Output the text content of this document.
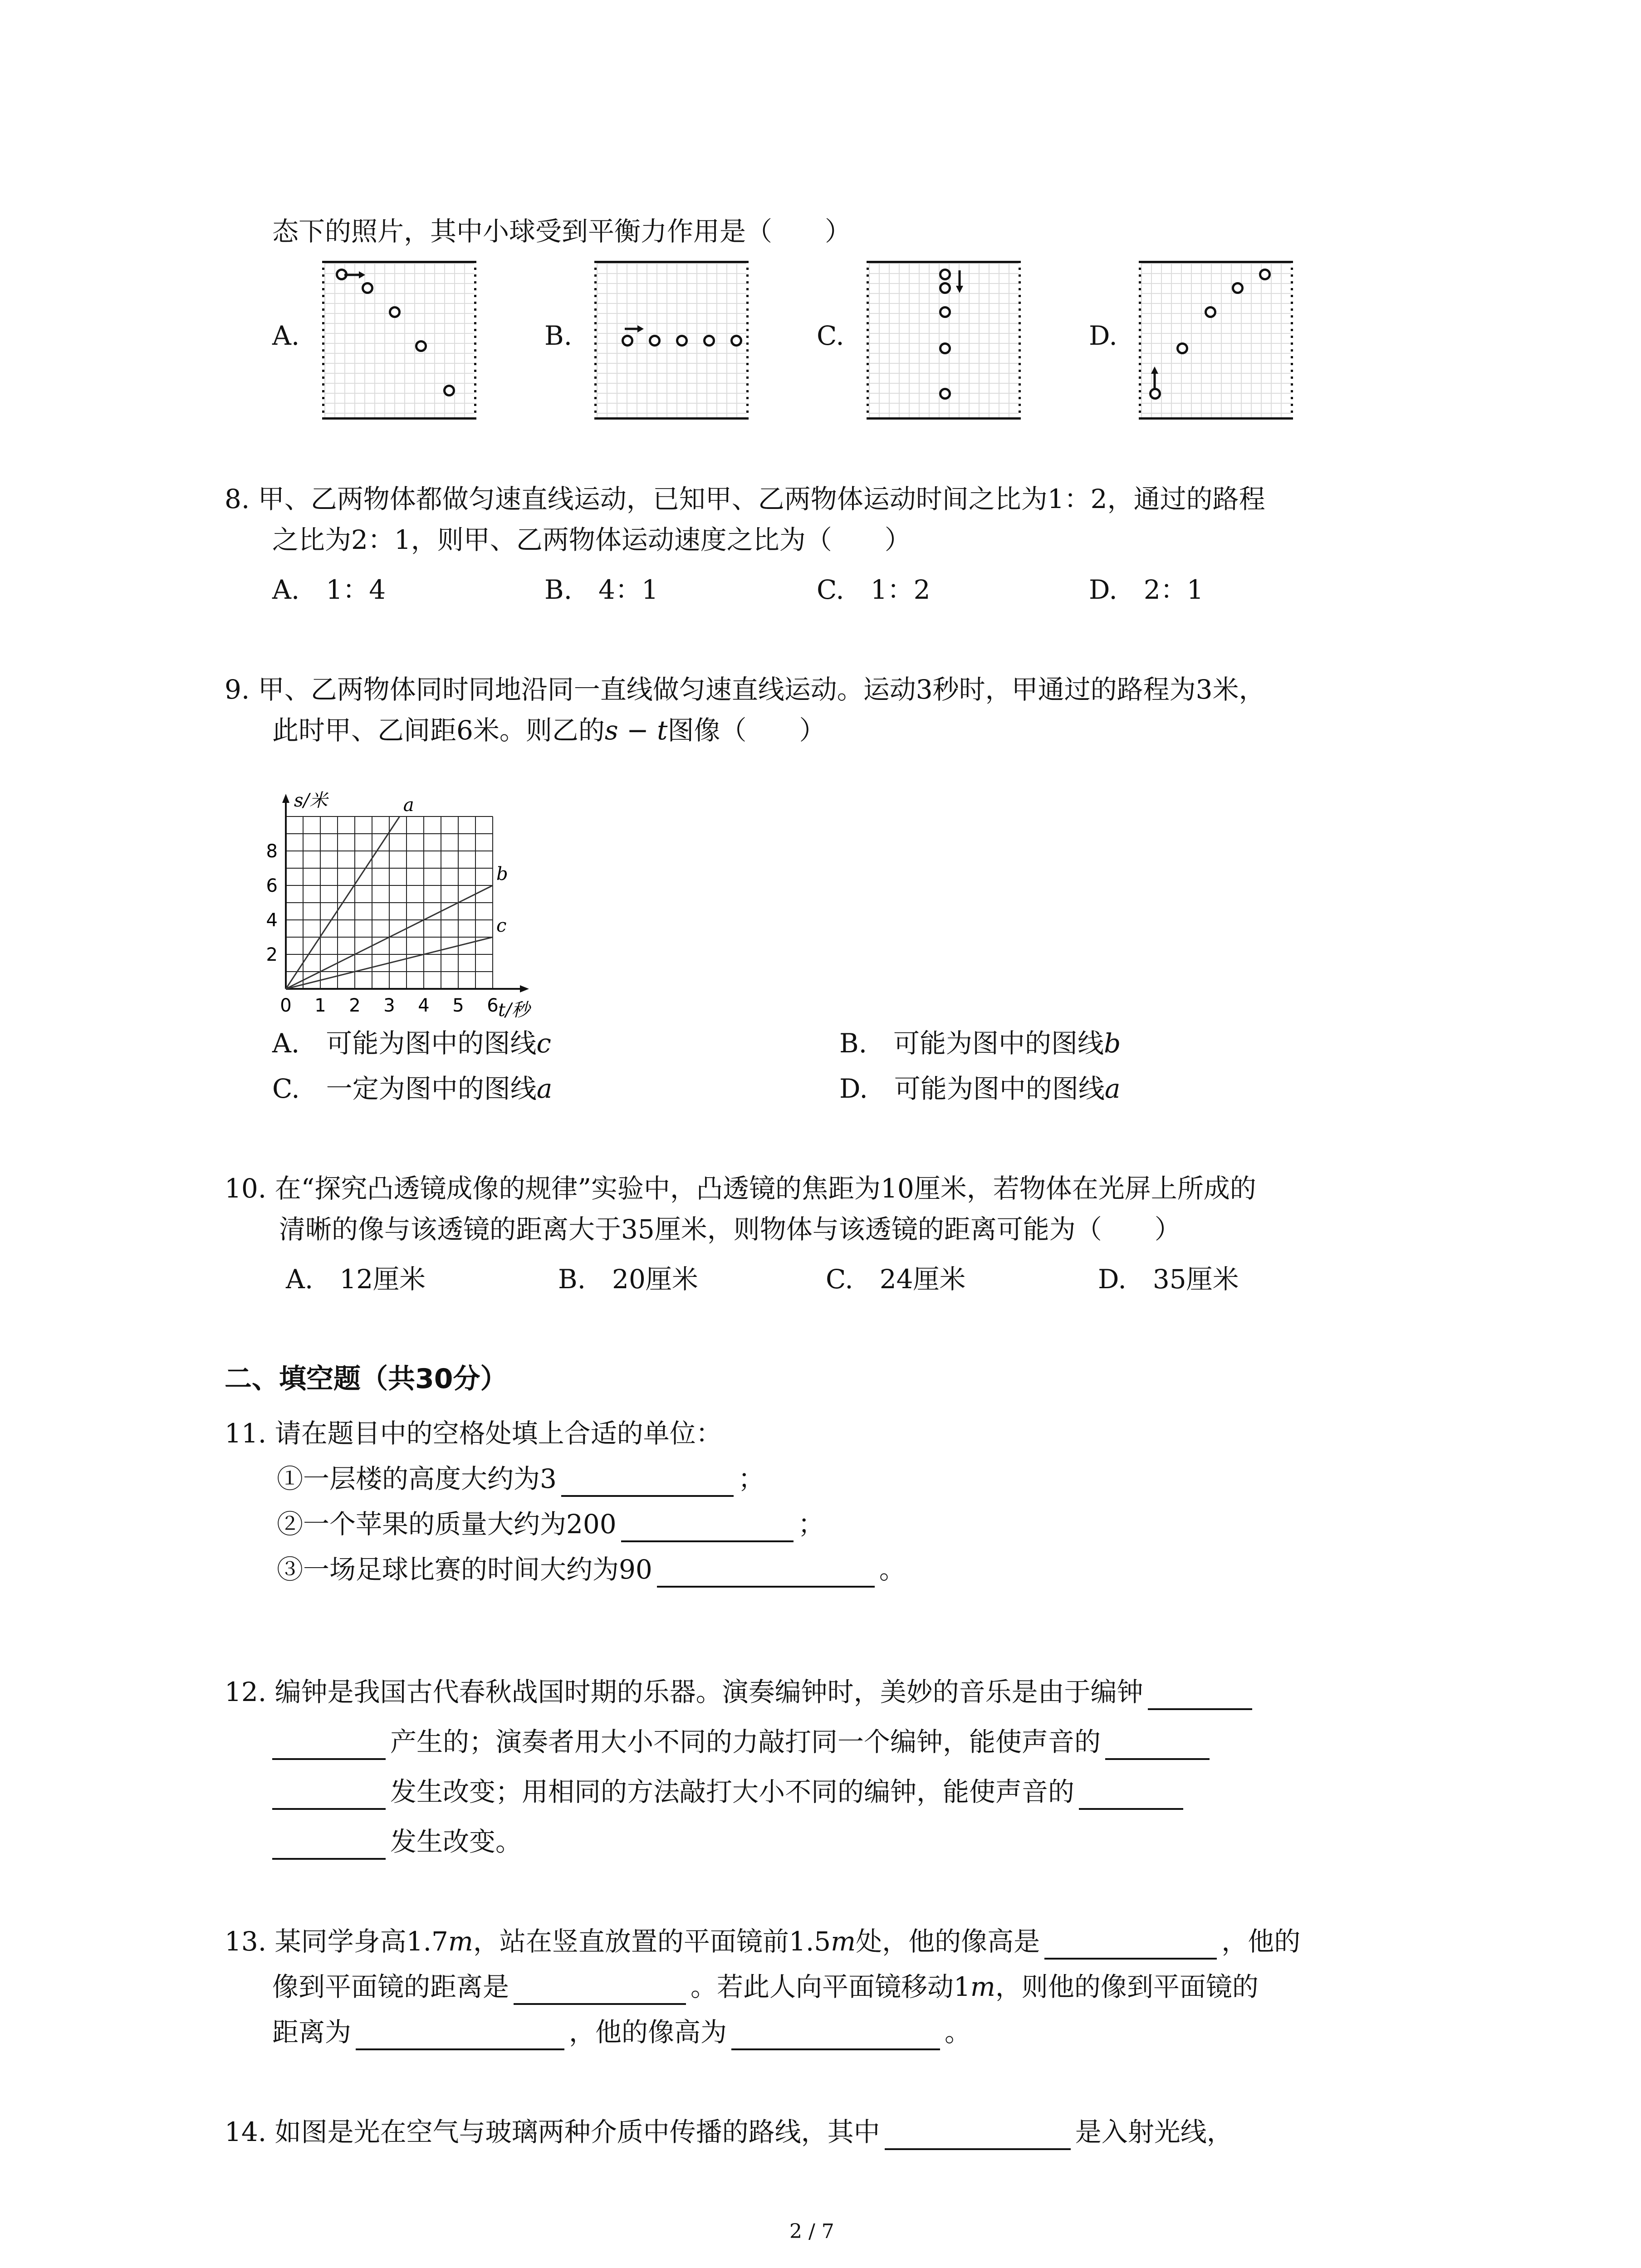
态下的照片，其中小球受到平衡力作用是（　　）
A.	B.	C.	D.
8. 甲、乙两物体都做匀速直线运动，已知甲、乙两物体运动时间之比为1：2，通过的路程
之比为2：1，则甲、乙两物体运动速度之比为（　　）
A.　1：4	B.　4：1	C.　1：2	D.　2：1
9. 甲、乙两物体同时同地沿同一直线做匀速直线运动。运动3秒时，甲通过的路程为3米，
此时甲、乙间距6米。则乙的s − t图像（　　）
0 1 2 3 4 5 6
2
4
6
8
s/米
t/秒
a
b
c
A.　可能为图中的图线c	B.　可能为图中的图线b
C.　一定为图中的图线a	D.　可能为图中的图线a
10. 在“探究凸透镜成像的规律”实验中，凸透镜的焦距为10厘米，若物体在光屏上所成的
清晰的像与该透镜的距离大于35厘米，则物体与该透镜的距离可能为（　　）
A.　12厘米	B.　20厘米	C.　24厘米	D.　35厘米
二、填空题（共30分）
11. 请在题目中的空格处填上合适的单位：
①一层楼的高度大约为3	；
②一个苹果的质量大约为200	；
③一场足球比赛的时间大约为90	。
12. 编钟是我国古代春秋战国时期的乐器。演奏编钟时，美妙的音乐是由于编钟
产生的；演奏者用大小不同的力敲打同一个编钟，能使声音的
发生改变；用相同的方法敲打大小不同的编钟，能使声音的
发生改变。
13. 某同学身高1.7m，站在竖直放置的平面镜前1.5m处，他的像高是	，他的
像到平面镜的距离是	。若此人向平面镜移动1m，则他的像到平面镜的
距离为	，他的像高为	。
14. 如图是光在空气与玻璃两种介质中传播的路线，其中	是入射光线，
2 / 7
